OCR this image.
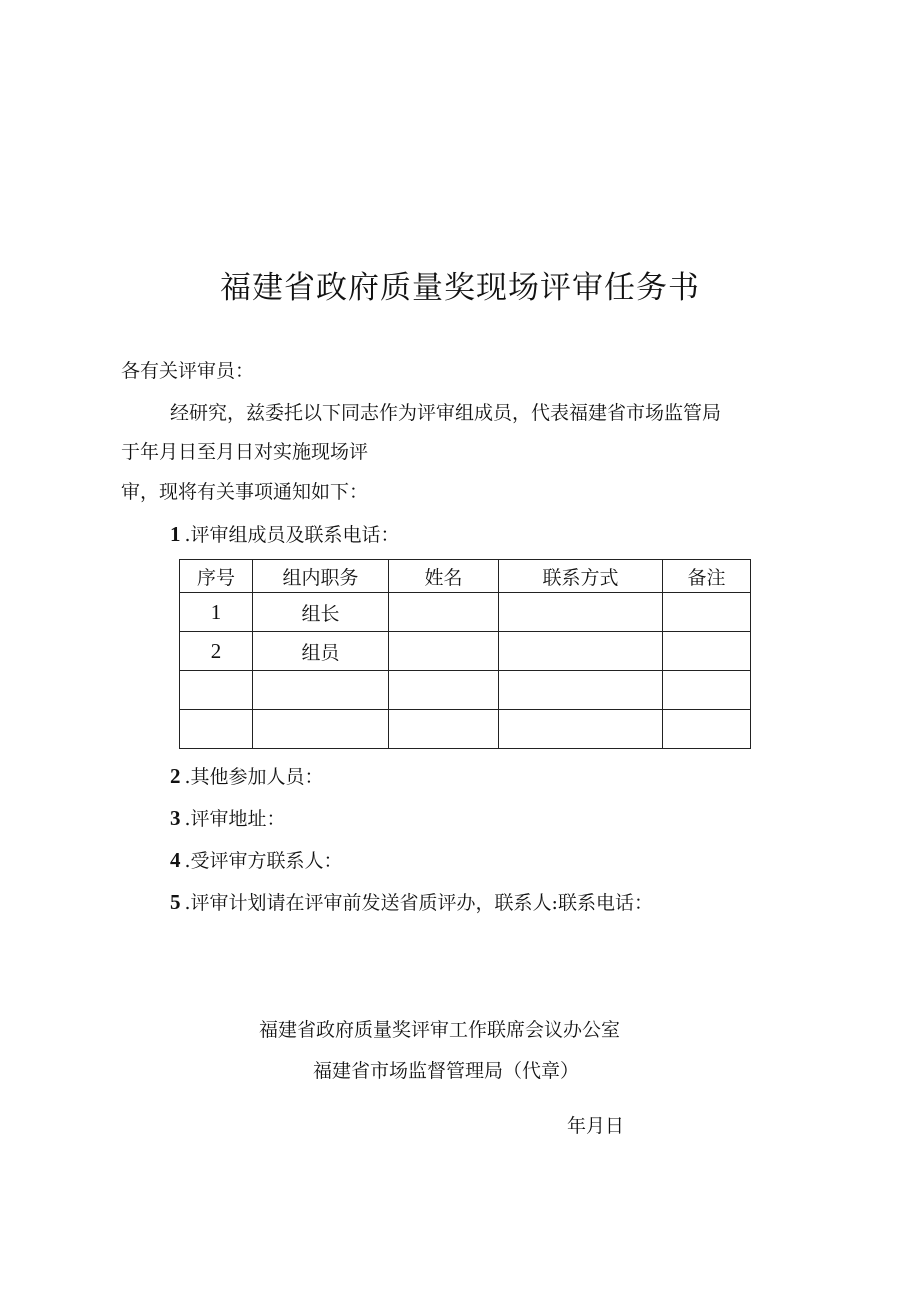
福建省政府质量奖现场评审任务书
各有关评审员：
经研究，兹委托以下同志作为评审组成员，代表福建省市场监管局
于年月日至月日对实施现场评
审，现将有关事项通知如下：
1 .评审组成员及联系电话：
序号	组内职务	姓名	联系方式	备注
1	组长			
2	组员			

2 .其他参加人员：
3 .评审地址：
4 .受评审方联系人：
5 .评审计划请在评审前发送省质评办，联系人:联系电话：
福建省政府质量奖评审工作联席会议办公室
福建省市场监督管理局（代章）
年月日
